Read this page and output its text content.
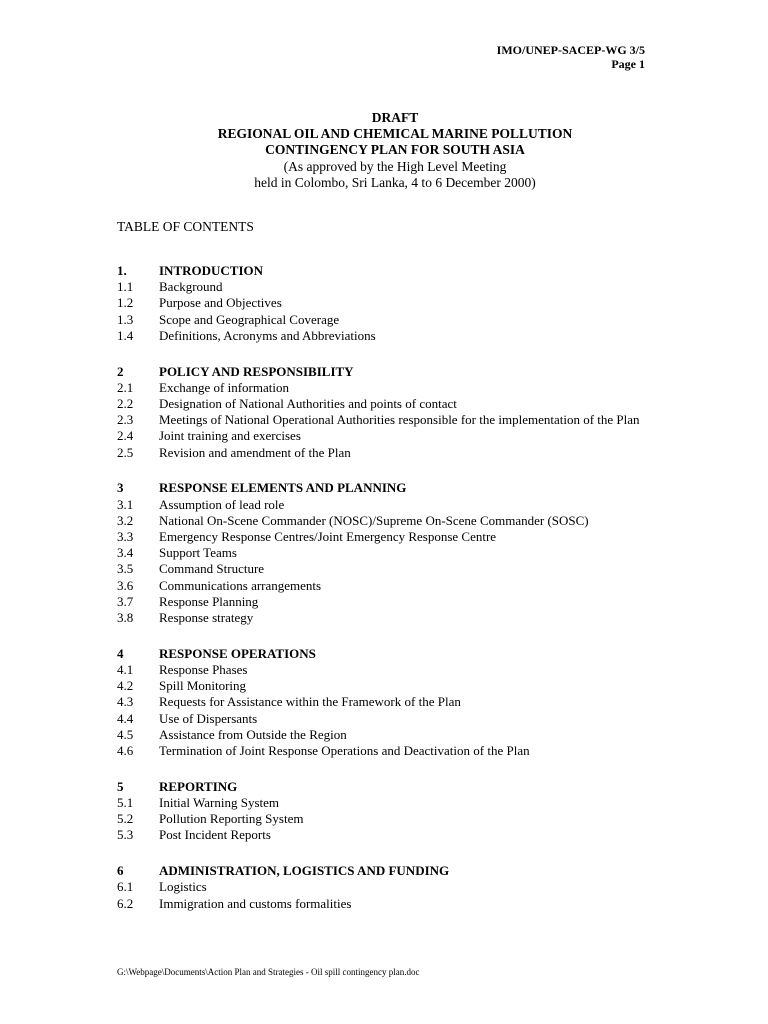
IMO/UNEP-SACEP-WG 3/5
Page 1
DRAFT
REGIONAL OIL AND CHEMICAL MARINE POLLUTION
CONTINGENCY PLAN FOR SOUTH ASIA
(As approved by the High Level Meeting
held in Colombo, Sri Lanka, 4 to 6 December 2000)
TABLE OF CONTENTS
1.	INTRODUCTION
1.1	Background
1.2	Purpose and Objectives
1.3	Scope and Geographical Coverage
1.4	Definitions, Acronyms and Abbreviations
2	POLICY AND RESPONSIBILITY
2.1	Exchange of information
2.2	Designation of National Authorities and points of contact
2.3	Meetings of National Operational Authorities responsible for the implementation of the Plan
2.4	Joint training and exercises
2.5	Revision and amendment of the Plan
3	RESPONSE ELEMENTS AND PLANNING
3.1	Assumption of lead role
3.2	National On-Scene Commander (NOSC)/Supreme On-Scene Commander (SOSC)
3.3	Emergency Response Centres/Joint Emergency Response Centre
3.4	Support Teams
3.5	Command Structure
3.6	Communications arrangements
3.7	Response Planning
3.8	Response strategy
4	RESPONSE OPERATIONS
4.1	Response Phases
4.2	Spill Monitoring
4.3	Requests for Assistance within the Framework of the Plan
4.4	Use of Dispersants
4.5	Assistance from Outside the Region
4.6	Termination of Joint Response Operations and Deactivation of the Plan
5	REPORTING
5.1	Initial Warning System
5.2	Pollution Reporting System
5.3	Post Incident Reports
6	ADMINISTRATION, LOGISTICS AND FUNDING
6.1	Logistics
6.2	Immigration and customs formalities
G:\Webpage\Documents\Action Plan and Strategies - Oil spill contingency plan.doc
